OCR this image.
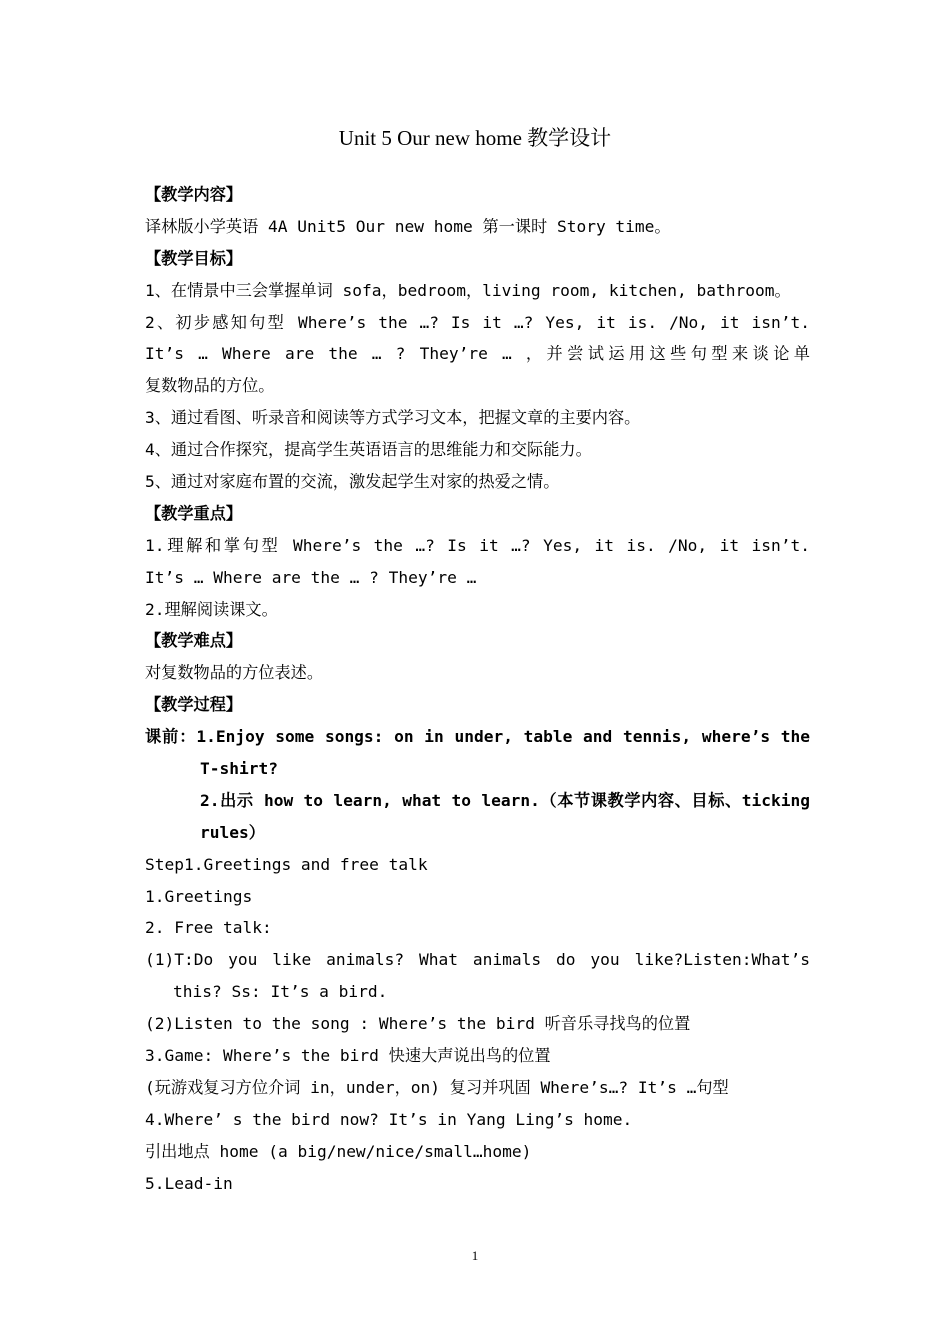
Unit 5 Our new home 教学设计
【教学内容】
译林版小学英语 4A Unit5 Our new home 第一课时 Story time。
【教学目标】
1、在情景中三会掌握单词 sofa，bedroom，living room, kitchen, bathroom。
2、初步感知句型 Where’s the …? Is it …? Yes, it is. /No, it isn’t.
It’s … Where are the … ? They’re … ，并尝试运用这些句型来谈论单
复数物品的方位。
3、通过看图、听录音和阅读等方式学习文本，把握文章的主要内容。
4、通过合作探究，提高学生英语语言的思维能力和交际能力。
5、通过对家庭布置的交流，激发起学生对家的热爱之情。
【教学重点】
1.理解和掌句型 Where’s the …? Is it …? Yes, it is. /No, it isn’t.
It’s … Where are the … ? They’re …
2.理解阅读课文。
【教学难点】
对复数物品的方位表述。
【教学过程】
课前：1.Enjoy some songs: on in under, table and tennis, where’s the
T-shirt?
2.出示 how to learn, what to learn.（本节课教学内容、目标、ticking
rules）
Step1.Greetings and free talk
1.Greetings
2. Free talk:
(1)T:Do you like animals? What animals do you like?Listen:What’s
this? Ss: It’s a bird.
(2)Listen to the song : Where’s the bird 听音乐寻找鸟的位置
3.Game: Where’s the bird 快速大声说出鸟的位置
(玩游戏复习方位介词 in，under，on) 复习并巩固 Where’s…? It’s …句型
4.Where’ s the bird now? It’s in Yang Ling’s home.
引出地点 home (a big/new/nice/small…home)
5.Lead-in
1
